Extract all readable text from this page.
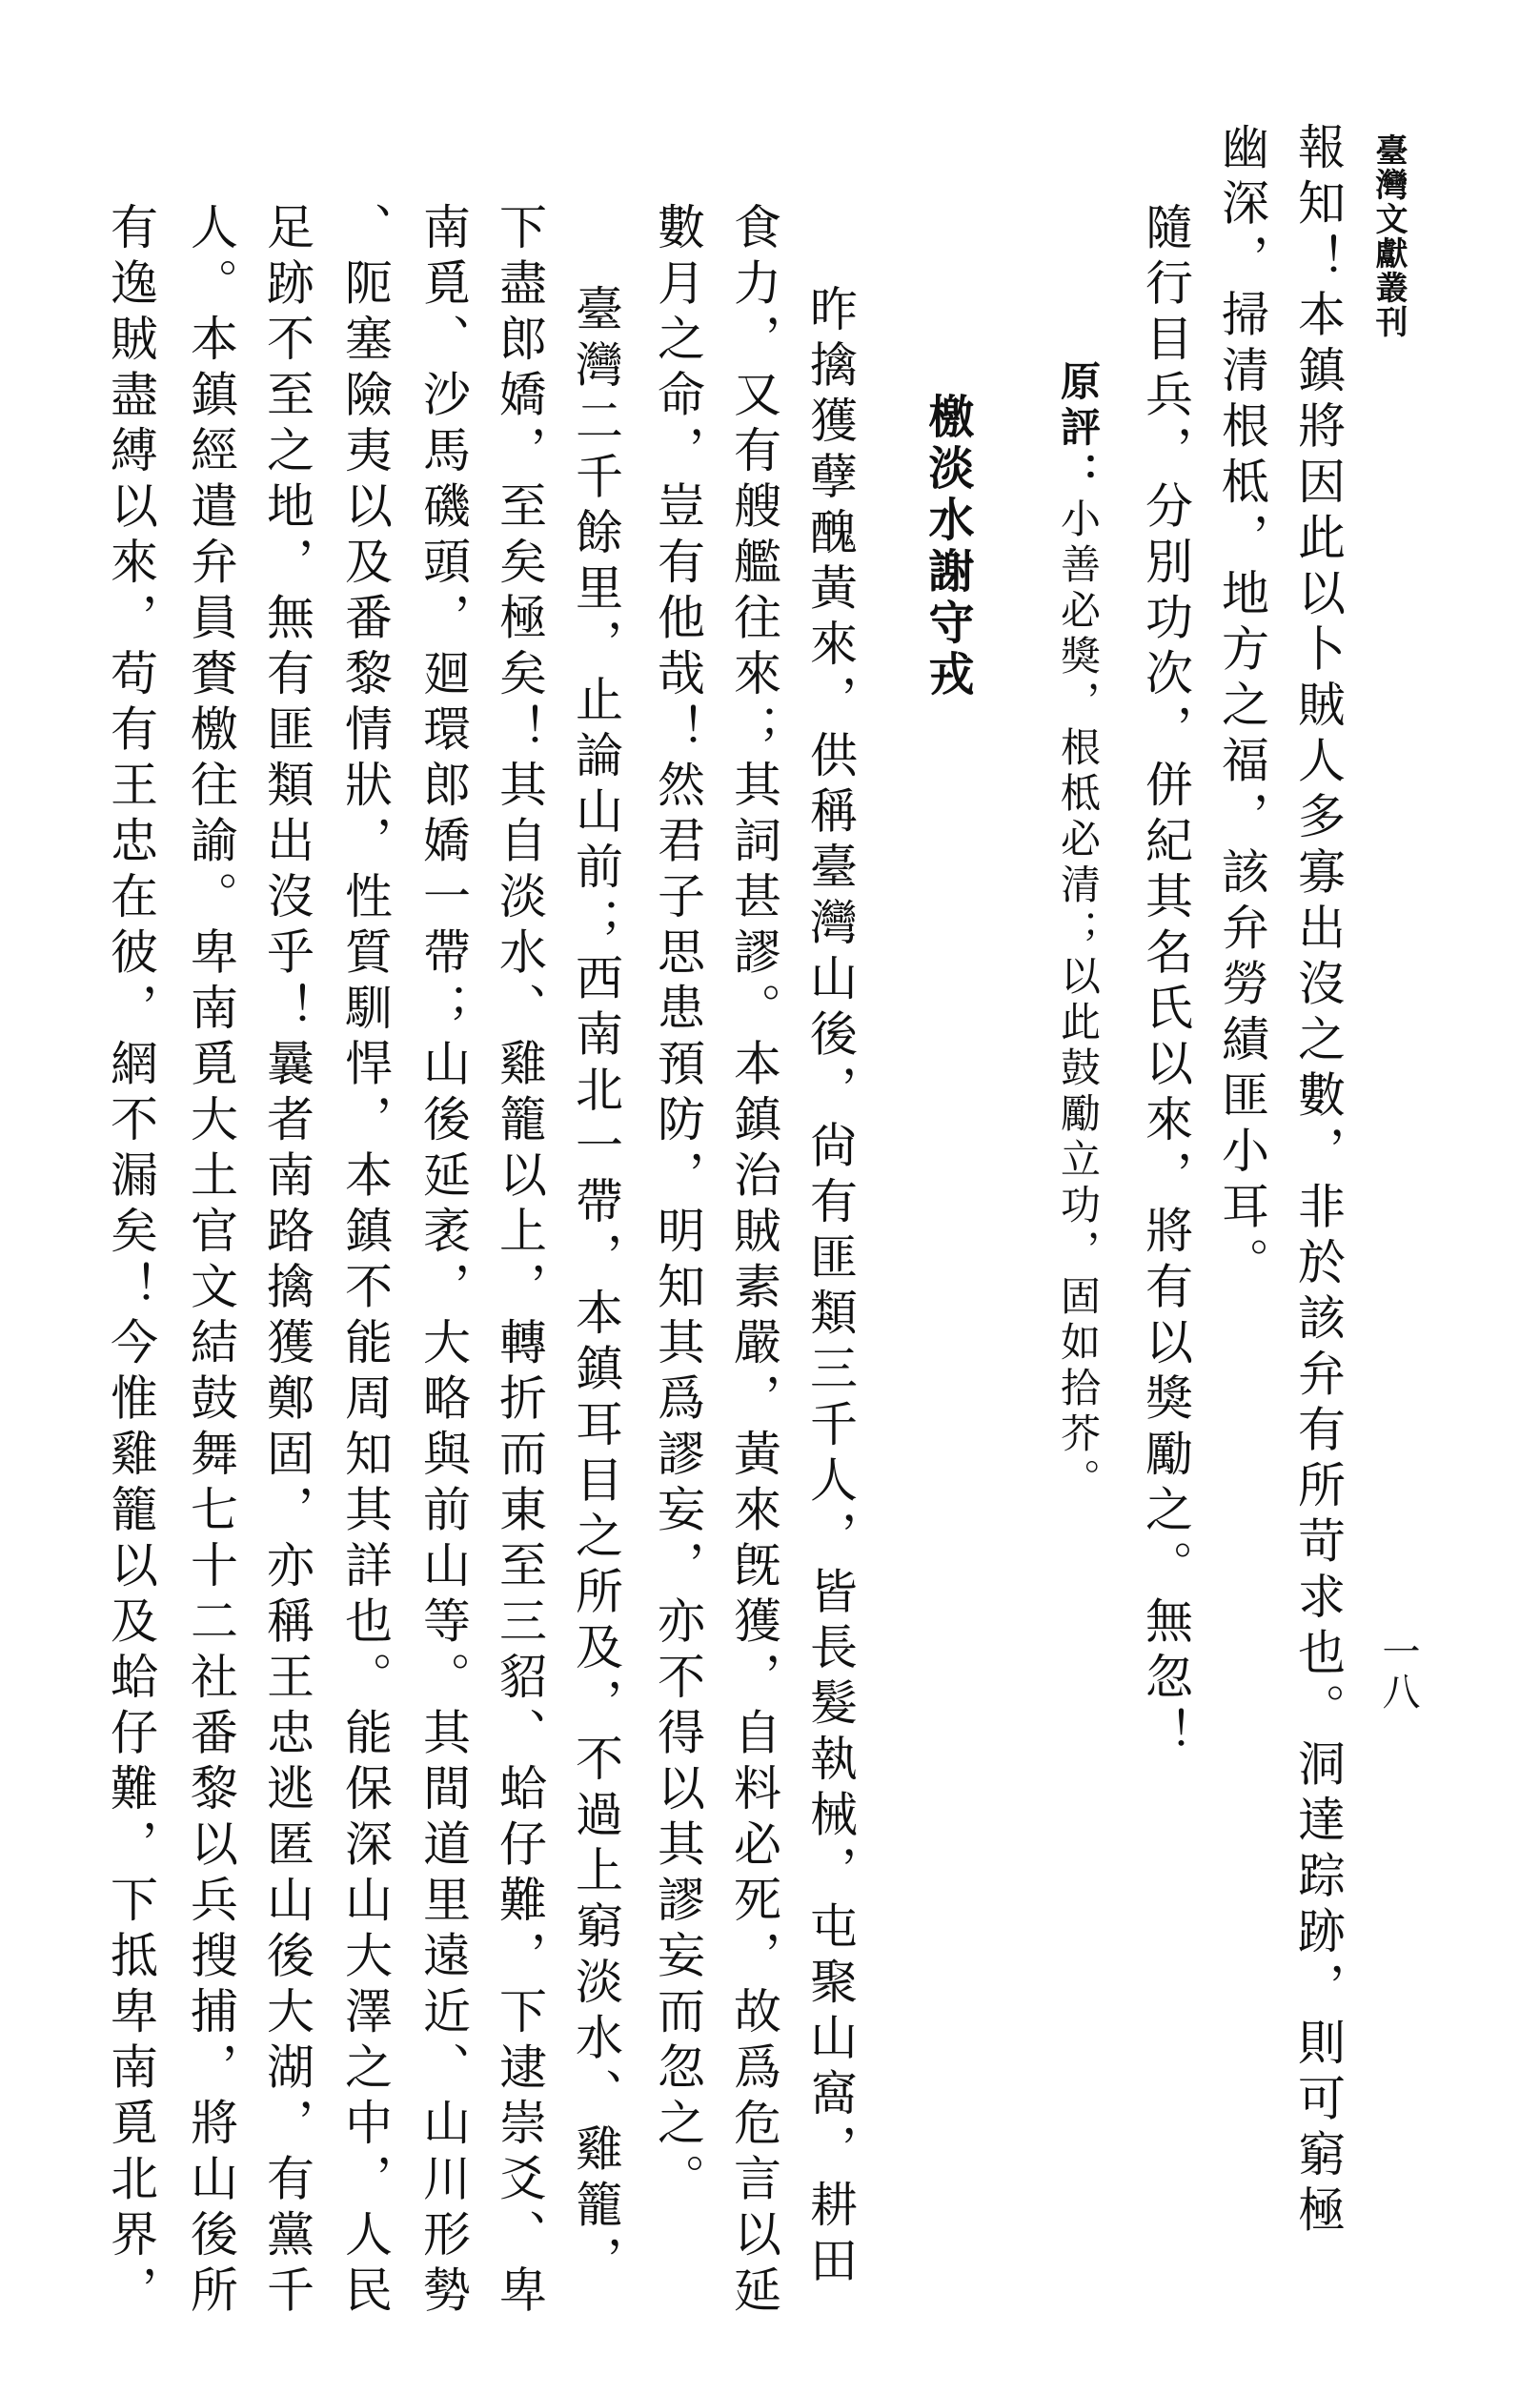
臺灣文獻叢刊
一八
報知！本鎮將因此以卜賊人多寡出沒之數，非於該弁有所苛求也。洞達踪跡，則可窮極
幽深，掃清根柢，地方之福，該弁勞績匪小耳。
隨行目兵，分別功次，併紀其名氏以來，將有以獎勵之。無忽！
原評：小善必獎，根柢必清；以此鼓勵立功，固如拾芥。
檄淡水謝守戎
昨擒獲孽醜黃來，供稱臺灣山後，尙有匪類三千人，皆長髮執械，屯聚山窩，耕田
食力，又有艘艦往來；其詞甚謬。本鎮治賊素嚴，黃來旣獲，自料必死，故爲危言以延
數月之命，豈有他哉！然君子思患預防，明知其爲謬妄，亦不得以其謬妄而忽之。
臺灣二千餘里，止論山前；西南北一帶，本鎮耳目之所及，不過上窮淡水、雞籠，
下盡郎嬌，至矣極矣！其自淡水、雞籠以上，轉折而東至三貂、蛤仔難，下逮崇爻、卑
南覓、沙馬磯頭，廻環郎嬌一帶；山後延袤，大略與前山等。其間道里遠近、山川形勢
、阨塞險夷以及番黎情狀，性質馴悍，本鎮不能周知其詳也。能保深山大澤之中，人民
足跡不至之地，無有匪類出沒乎！曩者南路擒獲鄭固，亦稱王忠逃匿山後大湖，有黨千
人。本鎮經遣弁員賚檄往諭。卑南覓大土官文結鼓舞七十二社番黎以兵搜捕，將山後所
有逸賊盡縛以來，苟有王忠在彼，網不漏矣！今惟雞籠以及蛤仔難，下抵卑南覓北界，
